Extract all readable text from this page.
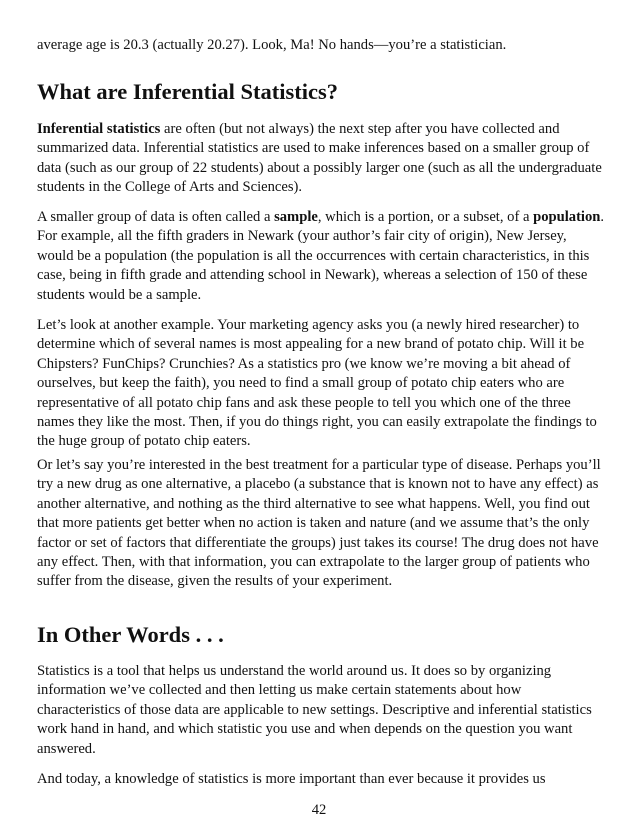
average age is 20.3 (actually 20.27). Look, Ma! No hands—you’re a statistician.

What are Inferential Statistics?

Inferential statistics are often (but not always) the next step after you have collected and summarized data. Inferential statistics are used to make inferences based on a smaller group of data (such as our group of 22 students) about a possibly larger one (such as all the undergraduate students in the College of Arts and Sciences).

A smaller group of data is often called a sample, which is a portion, or a subset, of a population. For example, all the fifth graders in Newark (your author’s fair city of origin), New Jersey, would be a population (the population is all the occurrences with certain characteristics, in this case, being in fifth grade and attending school in Newark), whereas a selection of 150 of these students would be a sample.

Let’s look at another example. Your marketing agency asks you (a newly hired researcher) to determine which of several names is most appealing for a new brand of potato chip. Will it be Chipsters? FunChips? Crunchies? As a statistics pro (we know we’re moving a bit ahead of ourselves, but keep the faith), you need to find a small group of potato chip eaters who are representative of all potato chip fans and ask these people to tell you which one of the three names they like the most. Then, if you do things right, you can easily extrapolate the findings to the huge group of potato chip eaters.

Or let’s say you’re interested in the best treatment for a particular type of disease. Perhaps you’ll try a new drug as one alternative, a placebo (a substance that is known not to have any effect) as another alternative, and nothing as the third alternative to see what happens. Well, you find out that more patients get better when no action is taken and nature (and we assume that’s the only factor or set of factors that differentiate the groups) just takes its course! The drug does not have any effect. Then, with that information, you can extrapolate to the larger group of patients who suffer from the disease, given the results of your experiment.

In Other Words . . .

Statistics is a tool that helps us understand the world around us. It does so by organizing information we’ve collected and then letting us make certain statements about how characteristics of those data are applicable to new settings. Descriptive and inferential statistics work hand in hand, and which statistic you use and when depends on the question you want answered.

And today, a knowledge of statistics is more important than ever because it provides us

42
